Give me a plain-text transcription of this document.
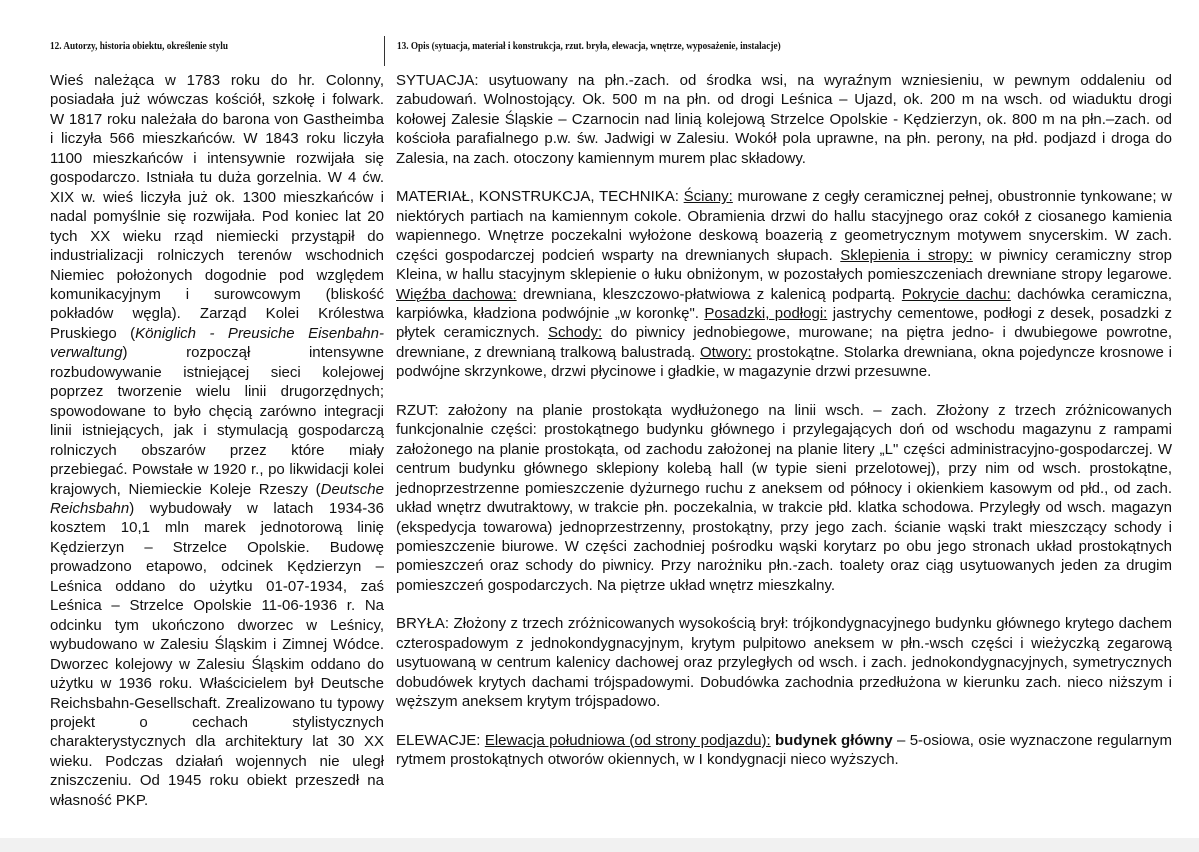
12. Autorzy, historia obiektu, określenie stylu	13. Opis (sytuacja, materiał i konstrukcja, rzut. bryła, elewacja, wnętrze, wyposażenie, instalacje)

Wieś należąca w 1783 roku do hr. Colonny, posiadała już wówczas kościół, szkołę i folwark. W 1817 roku należała do barona von Gastheimba i liczyła 566 mieszkańców. W 1843 roku liczyła 1100 mieszkańców i intensywnie rozwijała się gospodarczo. Istniała tu duża gorzelnia. W 4 ćw. XIX w. wieś liczyła już ok. 1300 mieszkańców i nadal pomyślnie się rozwijała. Pod koniec lat 20 tych XX wieku rząd niemiecki przystąpił do industrializacji rolniczych terenów wschodnich Niemiec położonych dogodnie pod względem komunikacyjnym i surowcowym (bliskość pokładów węgla). Zarząd Kolei Królestwa Pruskiego (Königlich - Preusiche Eisenbahn-verwaltung) rozpoczął intensywne rozbudowywanie istniejącej sieci kolejowej poprzez tworzenie wielu linii drugorzędnych; spowodowane to było chęcią zarówno integracji linii istniejących, jak i stymulacją gospodarczą rolniczych obszarów przez które miały przebiegać. Powstałe w 1920 r., po likwidacji kolei krajowych, Niemieckie Koleje Rzeszy (Deutsche Reichsbahn) wybudowały w latach 1934-36 kosztem 10,1 mln marek jednotorową linię Kędzierzyn – Strzelce Opolskie. Budowę prowadzono etapowo, odcinek Kędzierzyn – Leśnica oddano do użytku 01-07-1934, zaś Leśnica – Strzelce Opolskie 11-06-1936 r. Na odcinku tym ukończono dworzec w Leśnicy, wybudowano w Zalesiu Śląskim i Zimnej Wódce. Dworzec kolejowy w Zalesiu Śląskim oddano do użytku w 1936 roku. Właścicielem był Deutsche Reichsbahn-Gesellschaft. Zrealizowano tu typowy projekt o cechach stylistycznych charakterystycznych dla architektury lat 30 XX wieku. Podczas działań wojennych nie uległ zniszczeniu. Od 1945 roku obiekt przeszedł na własność PKP.

SYTUACJA: usytuowany na płn.-zach. od środka wsi, na wyraźnym wzniesieniu, w pewnym oddaleniu od zabudowań. Wolnostojący. Ok. 500 m na płn. od drogi Leśnica – Ujazd, ok. 200 m na wsch. od wiaduktu drogi kołowej Zalesie Śląskie – Czarnocin nad linią kolejową Strzelce Opolskie - Kędzierzyn, ok. 800 m na płn.–zach. od kościoła parafialnego p.w. św. Jadwigi w Zalesiu. Wokół pola uprawne, na płn. perony, na płd. podjazd i droga do Zalesia, na zach. otoczony kamiennym murem plac składowy.

MATERIAŁ, KONSTRUKCJA, TECHNIKA: Ściany: murowane z cegły ceramicznej pełnej, obustronnie tynkowane; w niektórych partiach na kamiennym cokole. Obramienia drzwi do hallu stacyjnego oraz cokół z ciosanego kamienia wapiennego. Wnętrze poczekalni wyłożone deskową boazerią z geometrycznym motywem snycerskim. W zach. części gospodarczej podcień wsparty na drewnianych słupach. Sklepienia i stropy: w piwnicy ceramiczny strop Kleina, w hallu stacyjnym sklepienie o łuku obniżonym, w pozostałych pomieszczeniach drewniane stropy legarowe. Więźba dachowa: drewniana, kleszczowo-płatwiowa z kalenicą podpartą. Pokrycie dachu: dachówka ceramiczna, karpiówka, kładziona podwójnie „w koronkę". Posadzki, podłogi: jastrychy cementowe, podłogi z desek, posadzki z płytek ceramicznych. Schody: do piwnicy jednobiegowe, murowane; na piętra jedno- i dwubiegowe powrotne, drewniane, z drewnianą tralkową balustradą. Otwory: prostokątne. Stolarka drewniana, okna pojedyncze krosnowe i podwójne skrzynkowe, drzwi płycinowe i gładkie, w magazynie drzwi przesuwne.

RZUT: założony na planie prostokąta wydłużonego na linii wsch. – zach. Złożony z trzech zróżnicowanych funkcjonalnie części: prostokątnego budynku głównego i przylegających doń od wschodu magazynu z rampami założonego na planie prostokąta, od zachodu założonej na planie litery „L" części administracyjno-gospodarczej. W centrum budynku głównego sklepiony kolebą hall (w typie sieni przelotowej), przy nim od wsch. prostokątne, jednoprzestrzenne pomieszczenie dyżurnego ruchu z aneksem od północy i okienkiem kasowym od płd., od zach. układ wnętrz dwutraktowy, w trakcie płn. poczekalnia, w trakcie płd. klatka schodowa. Przyległy od wsch. magazyn (ekspedycja towarowa) jednoprzestrzenny, prostokątny, przy jego zach. ścianie wąski trakt mieszczący schody i pomieszczenie biurowe. W części zachodniej pośrodku wąski korytarz po obu jego stronach układ prostokątnych pomieszczeń oraz schody do piwnicy. Przy narożniku płn.-zach. toalety oraz ciąg usytuowanych jeden za drugim pomieszczeń gospodarczych. Na piętrze układ wnętrz mieszkalny.

BRYŁA: Złożony z trzech zróżnicowanych wysokością brył: trójkondygnacyjnego budynku głównego krytego dachem czterospadowym z jednokondygnacyjnym, krytym pulpitowo aneksem w płn.-wsch części i wieżyczką zegarową usytuowaną w centrum kalenicy dachowej oraz przyległych od wsch. i zach. jednokondygnacyjnych, symetrycznych dobudówek krytych dachami trójspadowymi. Dobudówka zachodnia przedłużona w kierunku zach. nieco niższym i węższym aneksem krytym trójspadowo.

ELEWACJE: Elewacja południowa (od strony podjazdu): budynek główny – 5-osiowa, osie wyznaczone regularnym rytmem prostokątnych otworów okiennych, w I kondygnacji nieco wyższych.
